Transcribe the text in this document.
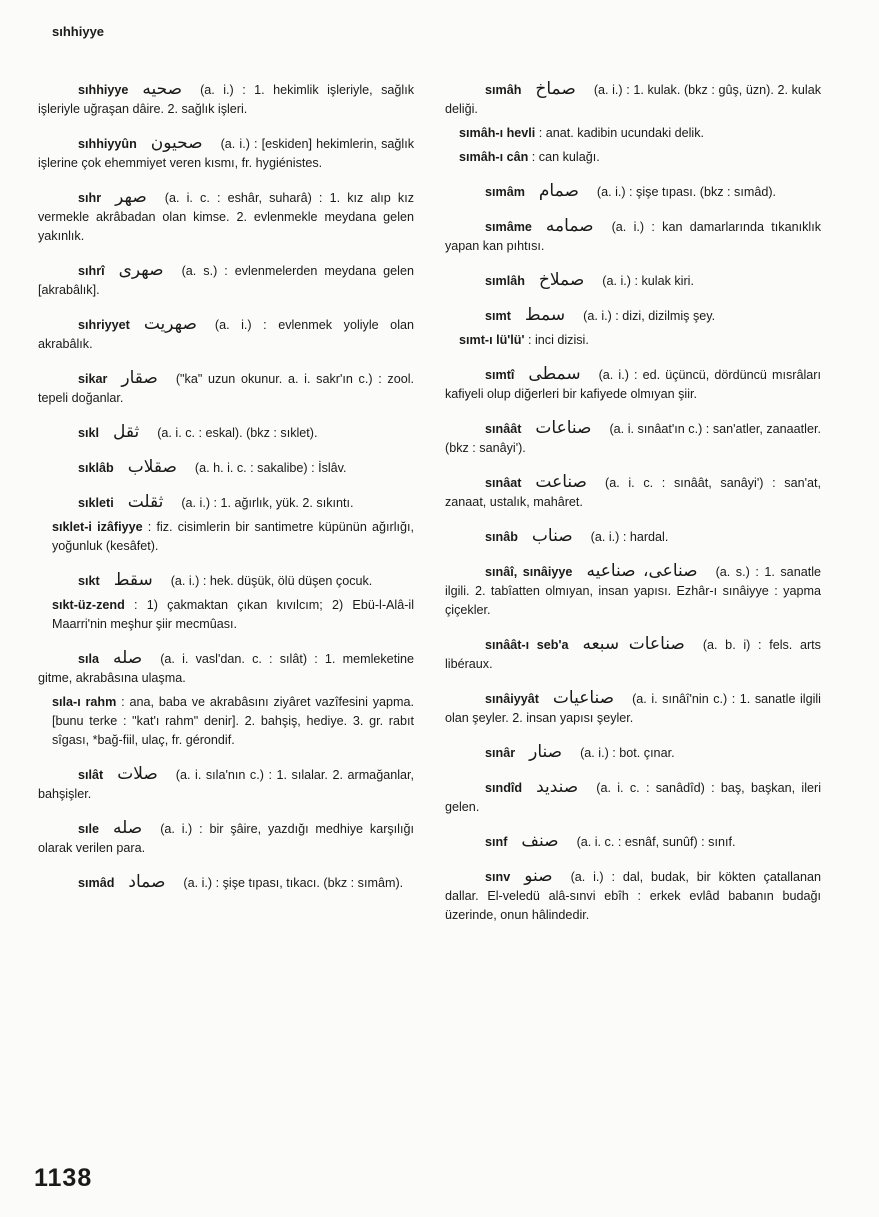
sıhhiyye
sıhhiyye صحيه (a. i.) : 1. hekimlik işleriyle, sağlık işleriyle uğraşan dâire. 2. sağlık işleri.
sıhhiyyûn صحيون (a. i.) : [eskiden] hekimlerin, sağlık işlerine çok ehemmiyet veren kısmı, fr. hygiénistes.
sıhr صهر (a. i. c. : eshâr, suharâ) : 1. kız alıp kız vermekle akrâbadan olan kimse. 2. evlenmekle meydana gelen yakınlık.
sıhrî صهرى (a. s.) : evlenmelerden meydana gelen [akrabâlık].
sıhriyyet صهريت (a. i.) : evlenmek yoliyle olan akrabâlık.
sikar صقار ("ka" uzun okunur. a. i. sakr'ın c.) : zool. tepeli doğanlar.
sıkl ثقل (a. i. c. : eskal). (bkz : sıklet).
sıklâb صقلاب (a. h. i. c. : sakalibe) : İslâv.
sıkleti ثقلت (a. i.) : 1. ağırlık, yük. 2. sıkıntı.
sıklet-i izâfiyye : fiz. cisimlerin bir santimetre küpünün ağırlığı, yoğunluk (kesâfet).
sıkt سقط (a. i.) : hek. düşük, ölü düşen çocuk.
sıkt-üz-zend : 1) çakmaktan çıkan kıvılcım; 2) Ebü-l-Alâ-il Maarri'nin meşhur şiir mecmûası.
sıla صله (a. i. vasl'dan. c. : sılât) : 1. memleketine gitme, akrabâsına ulaşma.
sıla-ı rahm : ana, baba ve akrabâsını ziyâret vazîfesini yapma. [bunu terke : "kat'ı rahm" denir]. 2. bahşiş, hediye. 3. gr. rabıt sîgası, *bağ-fiil, ulaç, fr. gérondif.
sılât صلات (a. i. sıla'nın c.) : 1. sılalar. 2. armağanlar, bahşişler.
sıle صله (a. i.) : bir şâire, yazdığı medhiye karşılığı olarak verilen para.
sımâd صماد (a. i.) : şişe tıpası, tıkacı. (bkz : sımâm).
sımâh صماخ (a. i.) : 1. kulak. (bkz : gûş, üzn). 2. kulak deliği.
sımâh-ı hevli : anat. kadibin ucundaki delik.
sımâh-ı cân : can kulağı.
sımâm صمام (a. i.) : şişe tıpası. (bkz : sımâd).
sımâme صمامه (a. i.) : kan damarlarında tıkanıklık yapan kan pıhtısı.
sımlâh صملاخ (a. i.) : kulak kiri.
sımt سمط (a. i.) : dizi, dizilmiş şey.
sımt-ı lü'lü' : inci dizisi.
sımtî سمطى (a. i.) : ed. üçüncü, dördüncü mısrâları kafiyeli olup diğerleri bir kafiyede olmıyan şiir.
sınâât صناعات (a. i. sınâat'ın c.) : san'atler, zanaatler. (bkz : sanâyi').
sınâat صناعت (a. i. c. : sınâât, sanâyi') : san'at, zanaat, ustalık, mahâret.
sınâb صناب (a. i.) : hardal.
sınâî, sınâiyye صناعى، صناعيه (a. s.) : 1. sanatle ilgili. 2. tabîatten olmıyan, insan yapısı. Ezhâr-ı sınâiyye : yapma çiçekler.
sınâât-ı seb'a صناعات سبعه (a. b. i) : fels. arts libéraux.
sınâiyyât صناعيات (a. i. sınâî'nin c.) : 1. sanatle ilgili olan şeyler. 2. insan yapısı şeyler.
sınâr صنار (a. i.) : bot. çınar.
sındîd صنديد (a. i. c. : sanâdîd) : baş, başkan, ileri gelen.
sınf صنف (a. i. c. : esnâf, sunûf) : sınıf.
sınv صنو (a. i.) : dal, budak, bir kökten çatallanan dallar. El-veledü alâ-sınvi ebîh : erkek evlâd babanın budağı üzerinde, onun hâlindedir.
1138
